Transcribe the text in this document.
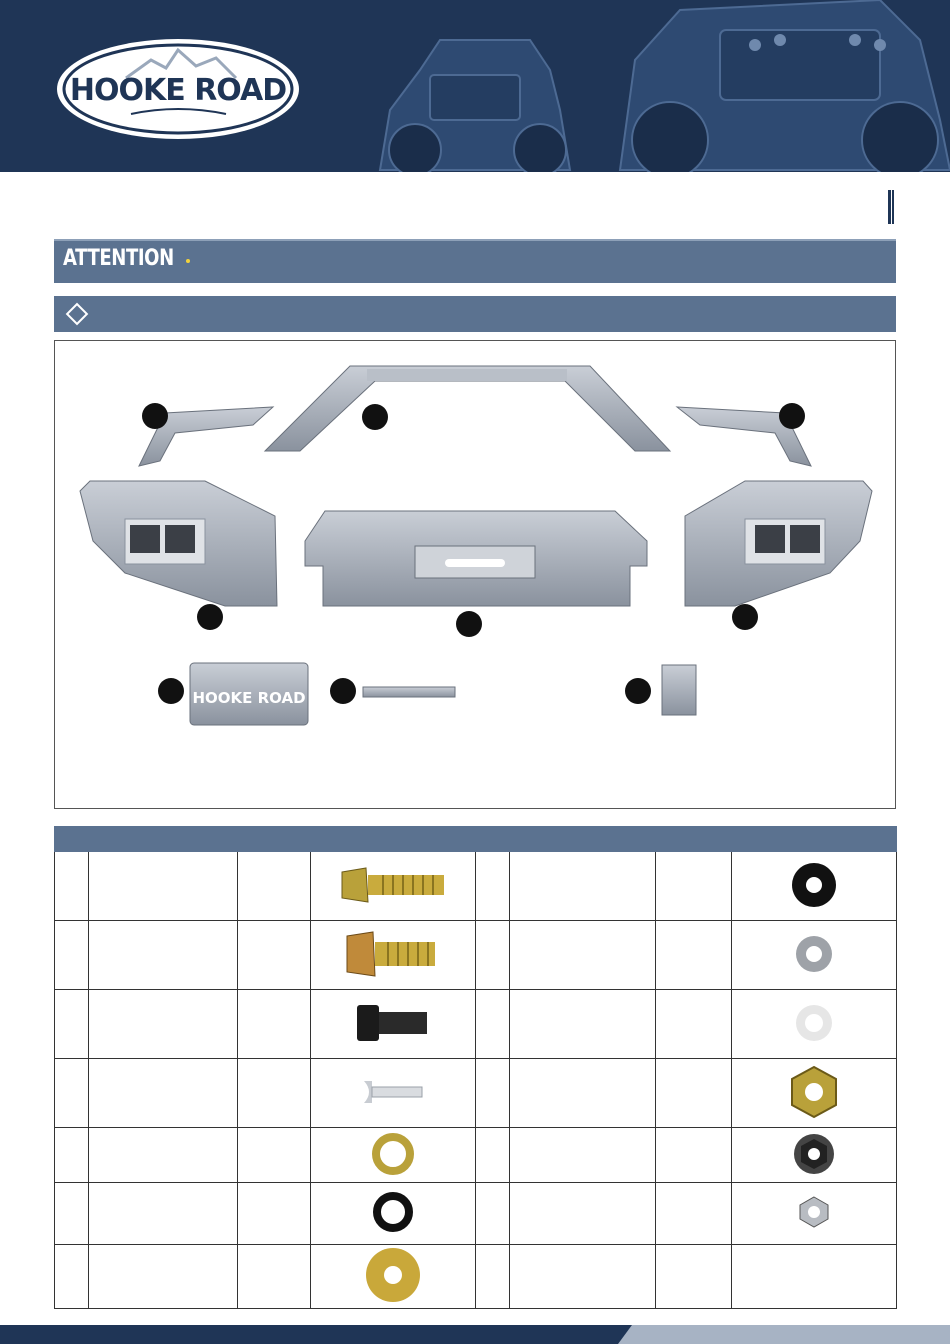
HOOKE ROAD
ATTENTION
HOOKE ROAD
